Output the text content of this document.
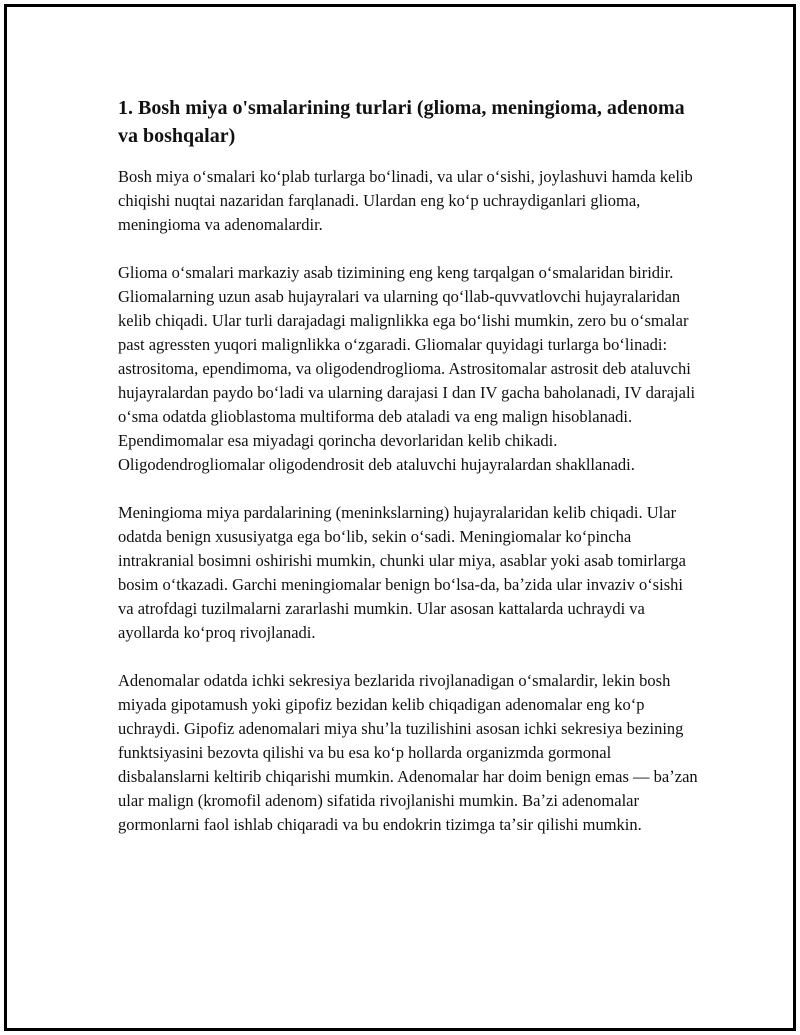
1. Bosh miya o'smalarining turlari (glioma, meningioma, adenoma va boshqalar)

Bosh miya oʻsmalari koʻplab turlarga boʻlinadi, va ular oʻsishi, joylashuvi hamda kelib chiqishi nuqtai nazaridan farqlanadi. Ulardan eng koʻp uchraydiganlari glioma, meningioma va adenomalardir.

Glioma oʻsmalari markaziy asab tizimining eng keng tarqalgan oʻsmalaridan biridir. Gliomalarning uzun asab hujayralari va ularning qoʻllab-quvvatlovchi hujayralaridan kelib chiqadi. Ular turli darajadagi malignlikka ega boʻlishi mumkin, zero bu oʻsmalar past agressten yuqori malignlikka oʻzgaradi. Gliomalar quyidagi turlarga boʻlinadi: astrositoma, ependimoma, va oligodendroglioma. Astrositomalar astrosit deb ataluvchi hujayralardan paydo boʻladi va ularning darajasi I dan IV gacha baholanadi, IV darajali oʻsma odatda glioblastoma multiforma deb ataladi va eng malign hisoblanadi. Ependimomalar esa miyadagi qorincha devorlaridan kelib chikadi. Oligodendrogliomalar oligodendrosit deb ataluvchi hujayralardan shakllanadi.

Meningioma miya pardalarining (meninkslarning) hujayralaridan kelib chiqadi. Ular odatda benign xususiyatga ega boʻlib, sekin oʻsadi. Meningiomalar koʻpincha intrakranial bosimni oshirishi mumkin, chunki ular miya, asablar yoki asab tomirlarga bosim oʻtkazadi. Garchi meningiomalar benign boʻlsa-da, baʼzida ular invaziv oʻsishi va atrofdagi tuzilmalarni zararlashi mumkin. Ular asosan kattalarda uchraydi va ayollarda koʻproq rivojlanadi.

Adenomalar odatda ichki sekresiya bezlarida rivojlanadigan oʻsmalardir, lekin bosh miyada gipotamush yoki gipofiz bezidan kelib chiqadigan adenomalar eng koʻp uchraydi. Gipofiz adenomalari miya shuʼla tuzilishini asosan ichki sekresiya bezining funktsiyasini bezovta qilishi va bu esa koʻp hollarda organizmda gormonal disbalanslarni keltirib chiqarishi mumkin. Adenomalar har doim benign emas — baʼzan ular malign (kromofil adenom) sifatida rivojlanishi mumkin. Baʼzi adenomalar gormonlarni faol ishlab chiqaradi va bu endokrin tizimga taʼsir qilishi mumkin.
